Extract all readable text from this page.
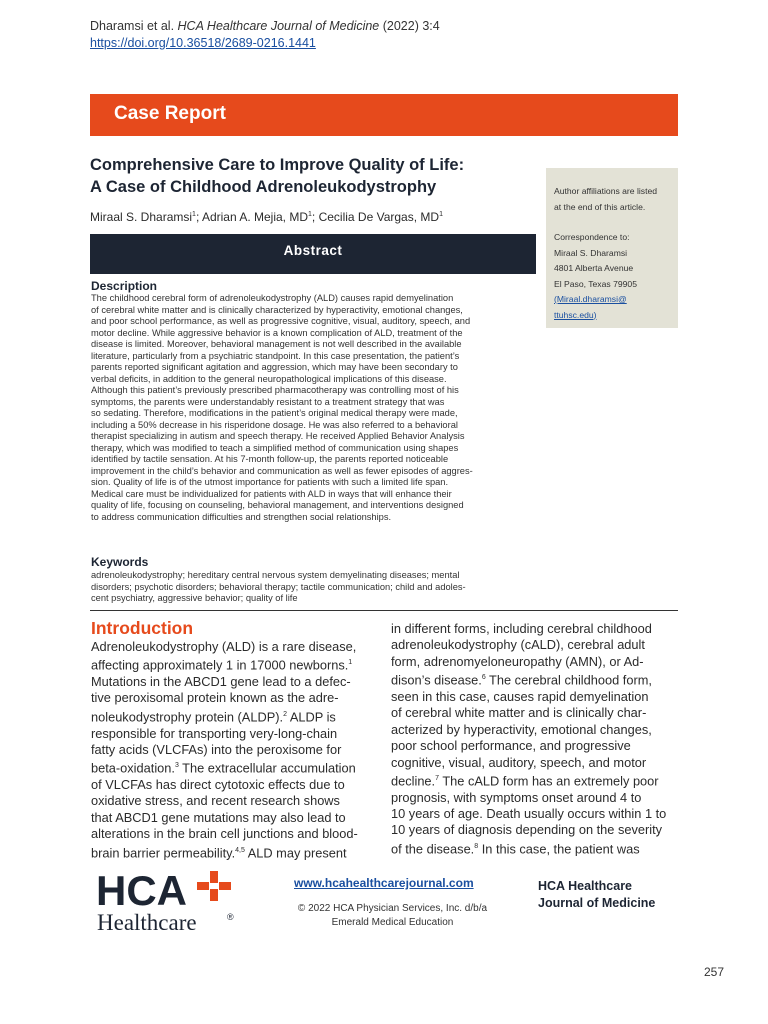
Dharamsi et al. HCA Healthcare Journal of Medicine (2022) 3:4
https://doi.org/10.36518/2689-0216.1441
Case Report
Comprehensive Care to Improve Quality of Life:
A Case of Childhood Adrenoleukodystrophy
Miraal S. Dharamsi$^1$; Adrian A. Mejia, $MD^1$; Cecilia De Vargas, $MD^1$
Author affiliations are listed
at the end of this article.
Correspondence to:
Miraal S. Dharamsi
4801 Alberta Avenue
El Paso, Texas 79905
(Miraal.dharamsi@
ttuhsc.edu)
Abstract
Description
The childhood cerebral form of adrenoleukodystrophy (ALD) causes rapid demyelination
of cerebral white matter and is clinically characterized by hyperactivity, emotional changes,
and poor school performance, as well as progressive cognitive, visual, auditory, speech, and
motor decline. While aggressive behavior is a known complication of ALD, treatment of the
disease is limited. Moreover, behavioral management is not well described in the available
literature, particularly from a psychiatric standpoint. In this case presentation, the patient’s
parents reported significant agitation and aggression, which may have been secondary to
verbal deficits, in addition to the general neuropathological implications of this disease.
Although this patient’s previously prescribed pharmacotherapy was controlling most of his
symptoms, the parents were understandably resistant to a treatment strategy that was
so sedating. Therefore, modifications in the patient’s original medical therapy were made,
including a 50% decrease in his risperidone dosage. He was also referred to a behavioral
therapist specializing in autism and speech therapy. He received Applied Behavior Analysis
therapy, which was modified to teach a simplified method of communication using shapes
identified by tactile sensation. At his 7-month follow-up, the parents reported noticeable
improvement in the child’s behavior and communication as well as fewer episodes of aggres-
sion. Quality of life is of the utmost importance for patients with such a limited life span.
Medical care must be individualized for patients with ALD in ways that will enhance their
quality of life, focusing on counseling, behavioral management, and interventions designed
to address communication difficulties and strengthen social relationships.
Keywords
adrenoleukodystrophy; hereditary central nervous system demyelinating diseases; mental
disorders; psychotic disorders; behavioral therapy; tactile communication; child and adoles-
cent psychiatry, aggressive behavior; quality of life
Introduction
Adrenoleukodystrophy (ALD) is a rare disease,
affecting approximately 1 in 17000 newborns.$^1$
Mutations in the ABCD1 gene lead to a defec-
tive peroxisomal protein known as the adre-
noleukodystrophy protein (ALDP).$^2$ ALDP is
responsible for transporting very-long-chain
fatty acids (VLCFAs) into the peroxisome for
beta-oxidation.$^3$ The extracellular accumulation
of VLCFAs has direct cytotoxic effects due to
oxidative stress, and recent research shows
that ABCD1 gene mutations may also lead to
alterations in the brain cell junctions and blood-
brain barrier permeability.$^{4,5}$ ALD may present
in different forms, including cerebral childhood
adrenoleukodystrophy (cALD), cerebral adult
form, adrenomyeloneuropathy (AMN), or Ad-
dison’s disease.$^6$ The cerebral childhood form,
seen in this case, causes rapid demyelination
of cerebral white matter and is clinically char-
acterized by hyperactivity, emotional changes,
poor school performance, and progressive
cognitive, visual, auditory, speech, and motor
decline.$^7$ The cALD form has an extremely poor
prognosis, with symptoms onset around 4 to
10 years of age. Death usually occurs within 1 to
10 years of diagnosis depending on the severity
of the disease.$^8$ In this case, the patient was
HCA
Healthcare	®
www.hcahealthcarejournal.com
© 2022 HCA Physician Services, Inc. d/b/a
Emerald Medical Education
HCA Healthcare
Journal of Medicine
257
